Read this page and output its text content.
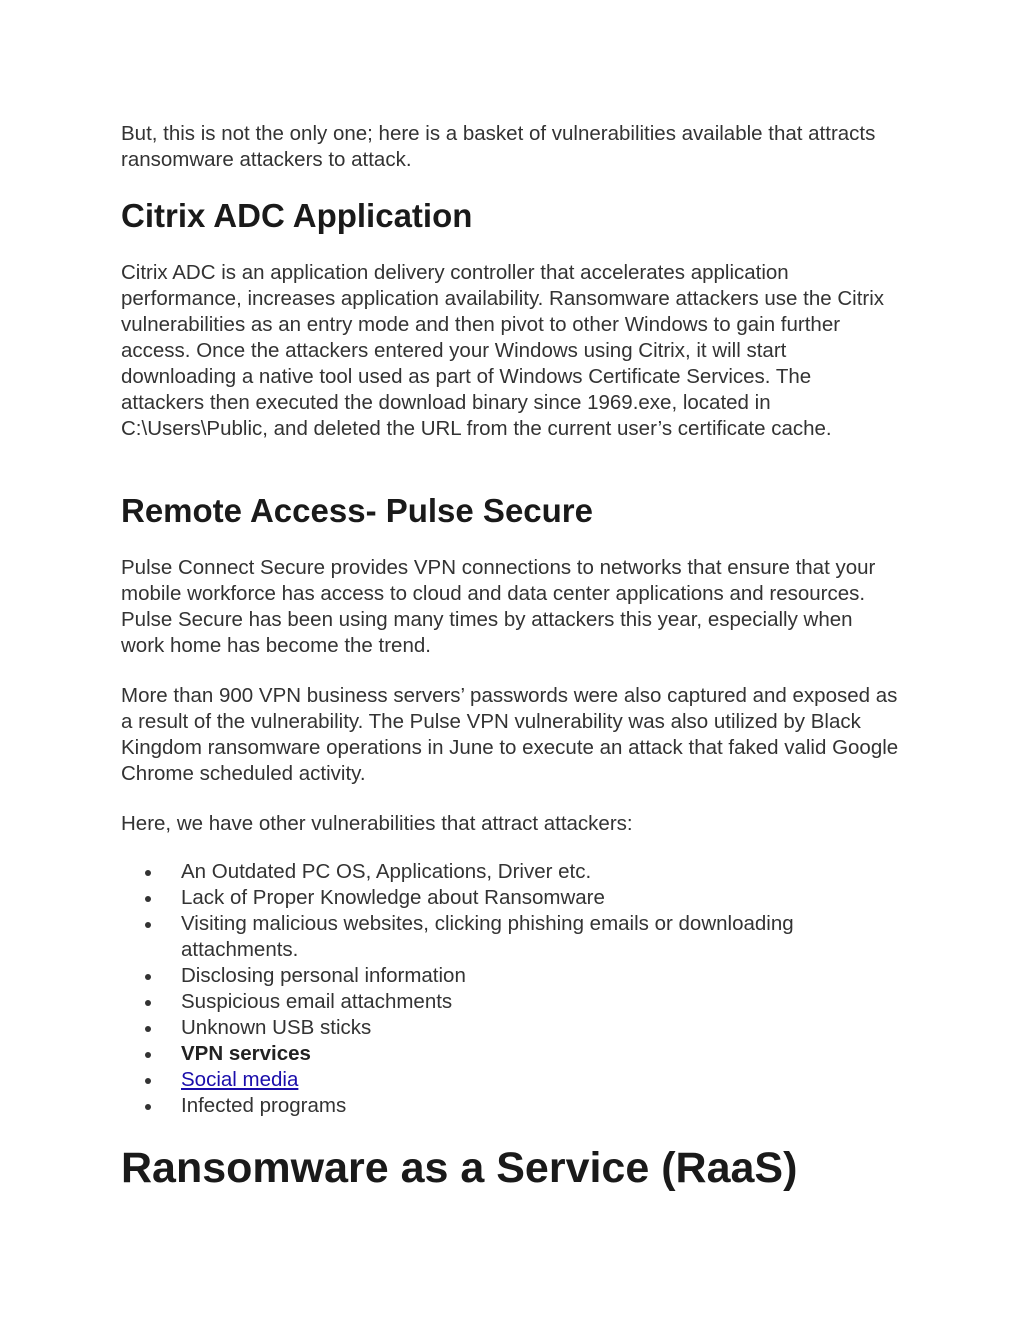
But, this is not the only one; here is a basket of vulnerabilities available that attracts ransomware attackers to attack.

Citrix ADC Application

Citrix ADC is an application delivery controller that accelerates application performance, increases application availability. Ransomware attackers use the Citrix vulnerabilities as an entry mode and then pivot to other Windows to gain further access. Once the attackers entered your Windows using Citrix, it will start downloading a native tool used as part of Windows Certificate Services. The attackers then executed the download binary since 1969.exe, located in C:\Users\Public, and deleted the URL from the current user’s certificate cache.

Remote Access- Pulse Secure

Pulse Connect Secure provides VPN connections to networks that ensure that your mobile workforce has access to cloud and data center applications and resources. Pulse Secure has been using many times by attackers this year, especially when work home has become the trend.

More than 900 VPN business servers’ passwords were also captured and exposed as a result of the vulnerability. The Pulse VPN vulnerability was also utilized by Black Kingdom ransomware operations in June to execute an attack that faked valid Google Chrome scheduled activity.

Here, we have other vulnerabilities that attract attackers:

An Outdated PC OS, Applications, Driver etc.
Lack of Proper Knowledge about Ransomware
Visiting malicious websites, clicking phishing emails or downloading attachments.
Disclosing personal information
Suspicious email attachments
Unknown USB sticks
VPN services
Social media
Infected programs
Ransomware as a Service (RaaS)
